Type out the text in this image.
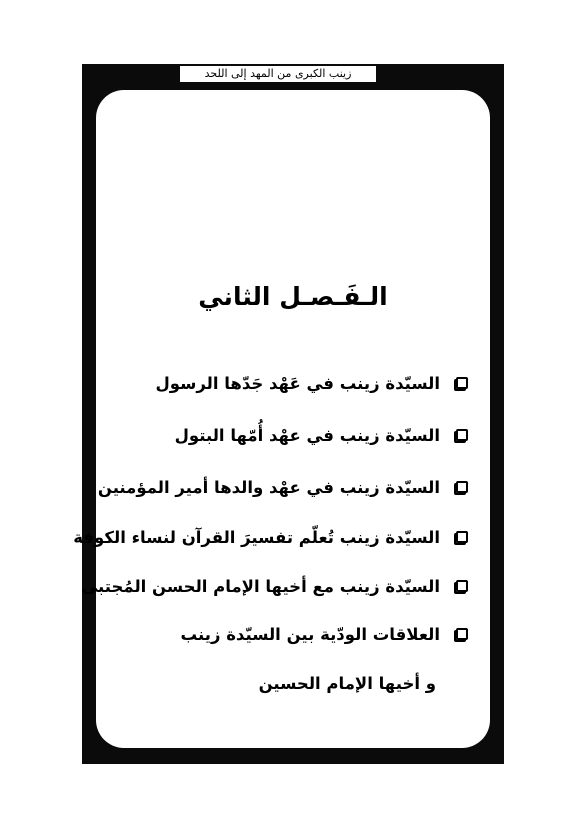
زينب الكبرى من المهد إلى اللحد
الـفَـصـل الثاني
السيّدة زينب في عَهْد جَدّها الرسول
السيّدة زينب في عهْد أُمّها البتول
السيّدة زينب في عهْد والدها أمير المؤمنين
السيّدة زينب تُعلّم تفسيرَ القرآن لنساء الكوفة
السيّدة زينب مع أخيها الإمام الحسن المُجتبى
العلاقات الودّية بين السيّدة زينب
و أخيها الإمام الحسين
